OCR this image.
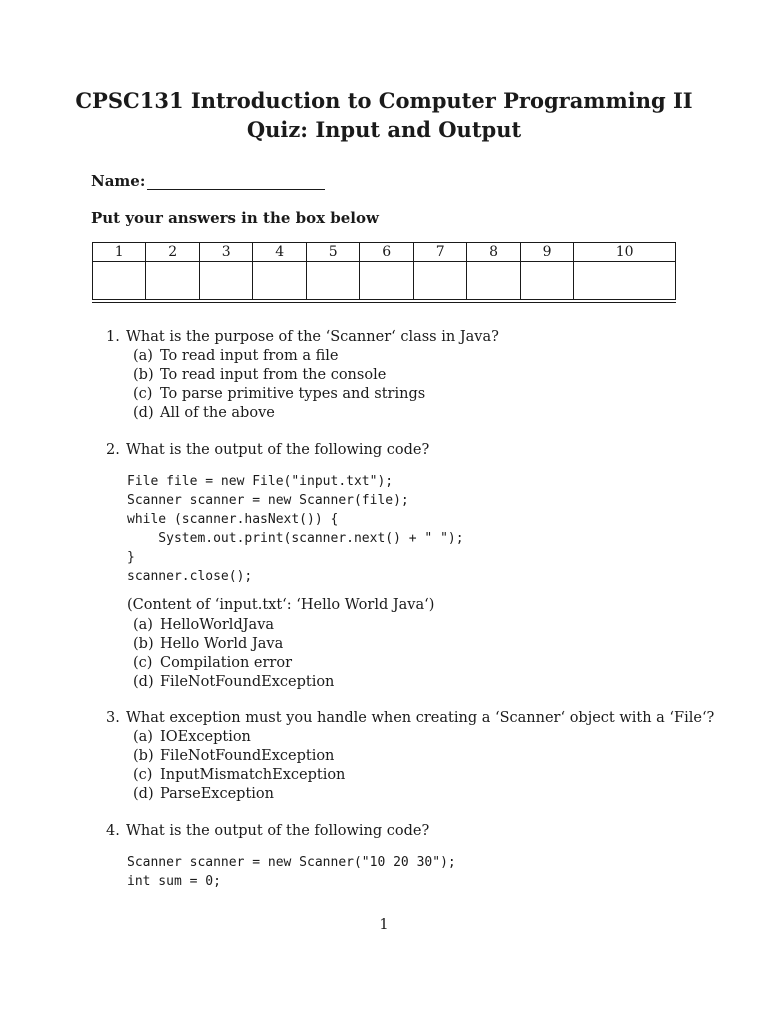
CPSC131 Introduction to Computer Programming II
Quiz: Input and Output
Name:
Put your answers in the box below
1	2	3	4	5	6	7	8	9	10

1. What is the purpose of the ‘Scanner‘ class in Java?
(a) To read input from a file
(b) To read input from the console
(c) To parse primitive types and strings
(d) All of the above
2. What is the output of the following code?
File file = new File("input.txt");
Scanner scanner = new Scanner(file);
while (scanner.hasNext()) {
System.out.print(scanner.next() + " ");
}
scanner.close();
(Content of ‘input.txt‘: ‘Hello World Java‘)
(a) HelloWorldJava
(b) Hello World Java
(c) Compilation error
(d) FileNotFoundException
3. What exception must you handle when creating a ‘Scanner‘ object with a ‘File‘?
(a) IOException
(b) FileNotFoundException
(c) InputMismatchException
(d) ParseException
4. What is the output of the following code?
Scanner scanner = new Scanner("10 20 30");
int sum = 0;
1
